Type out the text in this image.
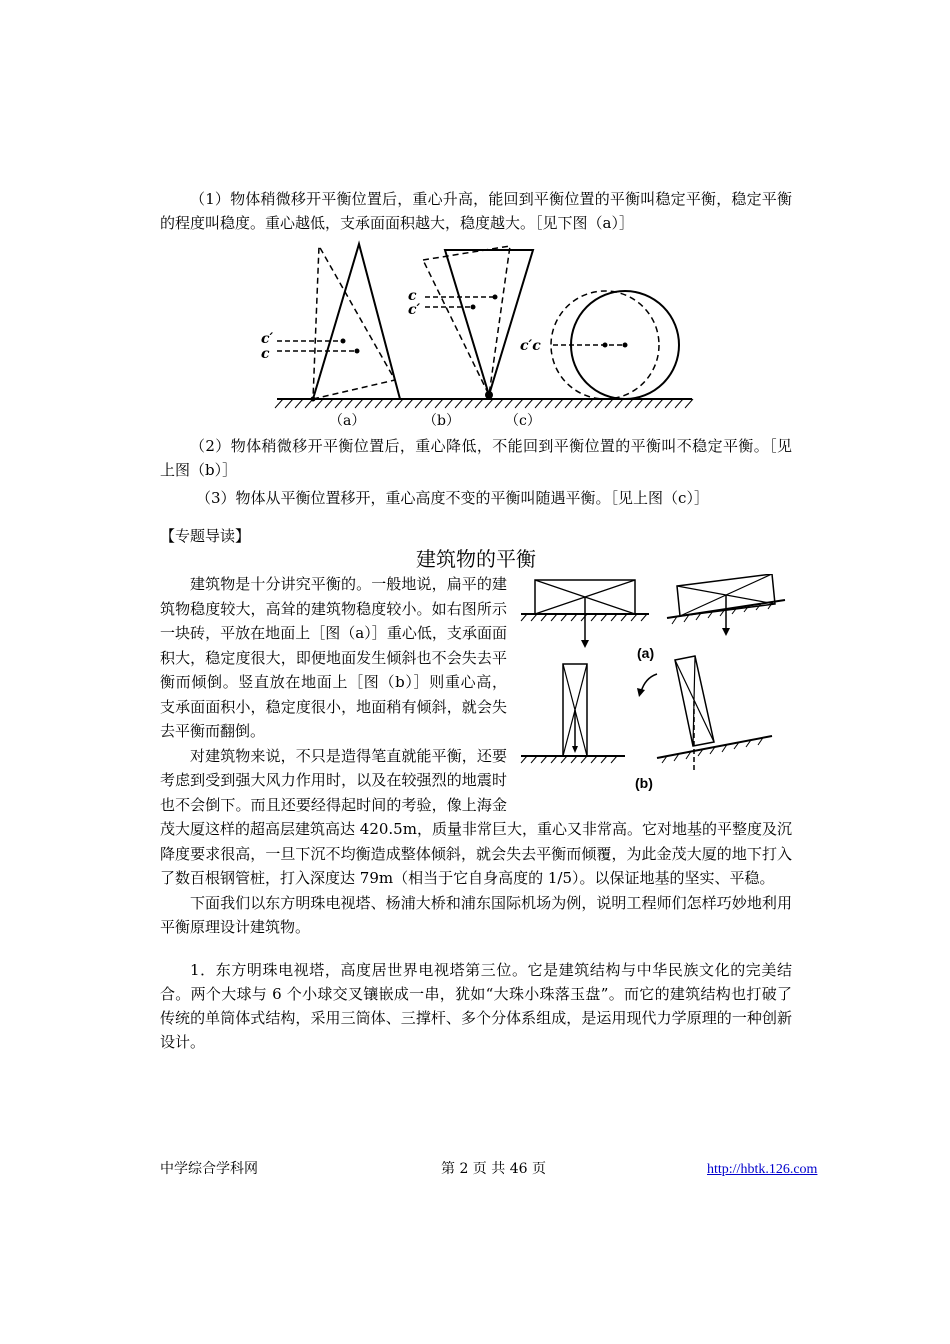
（1）物体稍微移开平衡位置后，重心升高，能回到平衡位置的平衡叫稳定平衡，稳定平衡的程度叫稳度。重心越低，支承面面积越大，稳度越大。［见下图（a）］

c′
c
c
c′
c′c
（a）	（b）	（c）

（2）物体稍微移开平衡位置后，重心降低，不能回到平衡位置的平衡叫不稳定平衡。［见上图（b）］

（3）物体从平衡位置移开，重心高度不变的平衡叫随遇平衡。［见上图（c）］

【专题导读】
建筑物的平衡
(a)
(b)

建筑物是十分讲究平衡的。一般地说，扁平的建筑物稳度较大，高耸的建筑物稳度较小。如右图所示一块砖，平放在地面上［图（a）］重心低，支承面面积大，稳定度很大，即便地面发生倾斜也不会失去平衡而倾倒。竖直放在地面上［图（b）］则重心高，支承面面积小，稳定度很小，地面稍有倾斜，就会失去平衡而翻倒。

对建筑物来说，不只是造得笔直就能平衡，还要考虑到受到强大风力作用时，以及在较强烈的地震时也不会倒下。而且还要经得起时间的考验，像上海金茂大厦这样的超高层建筑高达 420.5m，质量非常巨大，重心又非常高。它对地基的平整度及沉降度要求很高，一旦下沉不均衡造成整体倾斜，就会失去平衡而倾覆，为此金茂大厦的地下打入了数百根钢管桩，打入深度达 79m（相当于它自身高度的 1/5）。以保证地基的坚实、平稳。

下面我们以东方明珠电视塔、杨浦大桥和浦东国际机场为例，说明工程师们怎样巧妙地利用平衡原理设计建筑物。

1．东方明珠电视塔，高度居世界电视塔第三位。它是建筑结构与中华民族文化的完美结合。两个大球与 6 个小球交叉镶嵌成一串，犹如“大珠小珠落玉盘”。而它的建筑结构也打破了传统的单筒体式结构，采用三筒体、三撑杆、多个分体系组成，是运用现代力学原理的一种创新设计。

中学综合学科网	第 2 页 共 46 页	http://hbtk.126.com
